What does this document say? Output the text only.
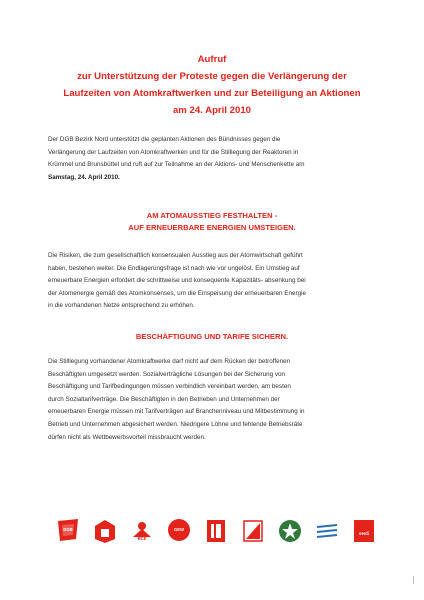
Aufruf
zur Unterstützung der Proteste gegen die Verlängerung der
Laufzeiten von Atomkraftwerken und zur Beteiligung an Aktionen
am 24. April 2010
Der DGB Bezirk Nord unterstützt die geplanten Aktionen des Bündnisses gegen die
Verlängerung der Laufzeiten von Atomkraftwerken und für die Stilllegung der Reaktoren in
Krümmel und Brunsbüttel und ruft auf zur Teilnahme an der Aktions- und Menschenkette am
Samstag, 24. April 2010.
AM ATOMAUSSTIEG FESTHALTEN -
AUF ERNEUERBARE ENERGIEN UMSTEIGEN.
Die Risiken, die zum gesellschaftlich konsensualen Ausstieg aus der Atomwirtschaft geführt
haben, bestehen weiter. Die Endlagerungsfrage ist nach wie vor ungelöst. Ein Umstieg auf
erneuerbare Energien erfordert die schrittweise und konsequente Kapazitäts- absenkung bei
der Atomenergie gemäß des Atomkonsenses, um die Einspeisung der erneuerbaren Energie
in die vorhandenen Netze entsprechend zu erhöhen.
BESCHÄFTIGUNG UND TARIFE SICHERN.
Die Stilllegung vorhandener Atomkraftwerke darf nicht auf dem Rücken der betroffenen
Beschäftigten umgesetzt werden. Sozialverträgliche Lösungen bei der Sicherung von
Beschäftigung und Tarifbedingungen müssen verbindlich vereinbart werden, am besten
durch Sozialtarifverträge. Die Beschäftigten in den Betrieben und Unternehmen der
erneuerbaren Energie müssen mit Tarifverträgen auf Branchenniveau und Mitbestimmung in
Betrieb und Unternehmen abgesichert werden. Niedrigere Löhne und fehlende Betriebsräte
dürfen nicht als Wettbewerbsvorteil missbraucht werden.
DGB
BCE
GEW
verdi
